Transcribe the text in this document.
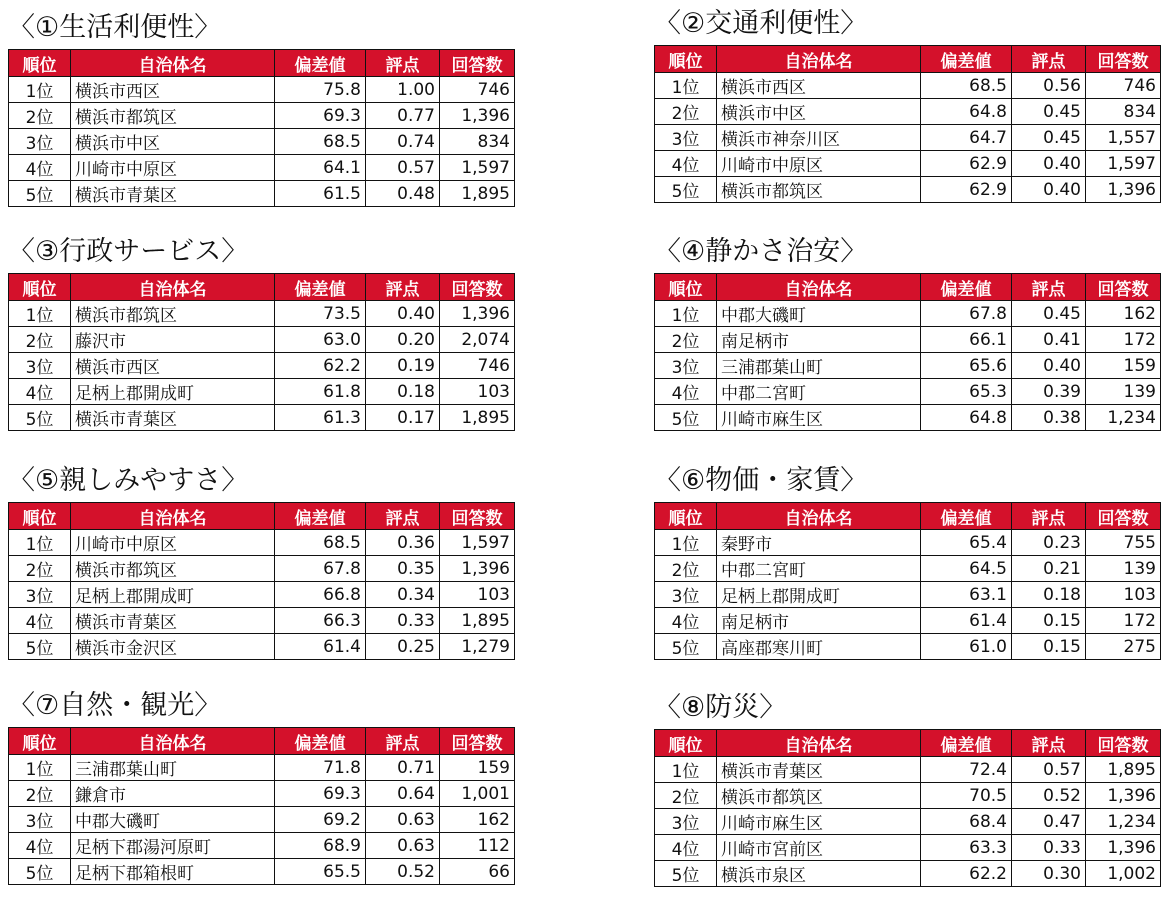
〈①生活利便性〉
順位	自治体名	偏差値	評点	回答数
1位	横浜市西区	75.8	1.00	746
2位	横浜市都筑区	69.3	0.77	1,396
3位	横浜市中区	68.5	0.74	834
4位	川崎市中原区	64.1	0.57	1,597
5位	横浜市青葉区	61.5	0.48	1,895
〈②交通利便性〉
順位	自治体名	偏差値	評点	回答数
1位	横浜市西区	68.5	0.56	746
2位	横浜市中区	64.8	0.45	834
3位	横浜市神奈川区	64.7	0.45	1,557
4位	川崎市中原区	62.9	0.40	1,597
5位	横浜市都筑区	62.9	0.40	1,396
〈③行政サービス〉
順位	自治体名	偏差値	評点	回答数
1位	横浜市都筑区	73.5	0.40	1,396
2位	藤沢市	63.0	0.20	2,074
3位	横浜市西区	62.2	0.19	746
4位	足柄上郡開成町	61.8	0.18	103
5位	横浜市青葉区	61.3	0.17	1,895
〈④静かさ治安〉
順位	自治体名	偏差値	評点	回答数
1位	中郡大磯町	67.8	0.45	162
2位	南足柄市	66.1	0.41	172
3位	三浦郡葉山町	65.6	0.40	159
4位	中郡二宮町	65.3	0.39	139
5位	川崎市麻生区	64.8	0.38	1,234
〈⑤親しみやすさ〉
順位	自治体名	偏差値	評点	回答数
1位	川崎市中原区	68.5	0.36	1,597
2位	横浜市都筑区	67.8	0.35	1,396
3位	足柄上郡開成町	66.8	0.34	103
4位	横浜市青葉区	66.3	0.33	1,895
5位	横浜市金沢区	61.4	0.25	1,279
〈⑥物価・家賃〉
順位	自治体名	偏差値	評点	回答数
1位	秦野市	65.4	0.23	755
2位	中郡二宮町	64.5	0.21	139
3位	足柄上郡開成町	63.1	0.18	103
4位	南足柄市	61.4	0.15	172
5位	高座郡寒川町	61.0	0.15	275
〈⑦自然・観光〉
順位	自治体名	偏差値	評点	回答数
1位	三浦郡葉山町	71.8	0.71	159
2位	鎌倉市	69.3	0.64	1,001
3位	中郡大磯町	69.2	0.63	162
4位	足柄下郡湯河原町	68.9	0.63	112
5位	足柄下郡箱根町	65.5	0.52	66
〈⑧防災〉
順位	自治体名	偏差値	評点	回答数
1位	横浜市青葉区	72.4	0.57	1,895
2位	横浜市都筑区	70.5	0.52	1,396
3位	川崎市麻生区	68.4	0.47	1,234
4位	川崎市宮前区	63.3	0.33	1,396
5位	横浜市泉区	62.2	0.30	1,002
